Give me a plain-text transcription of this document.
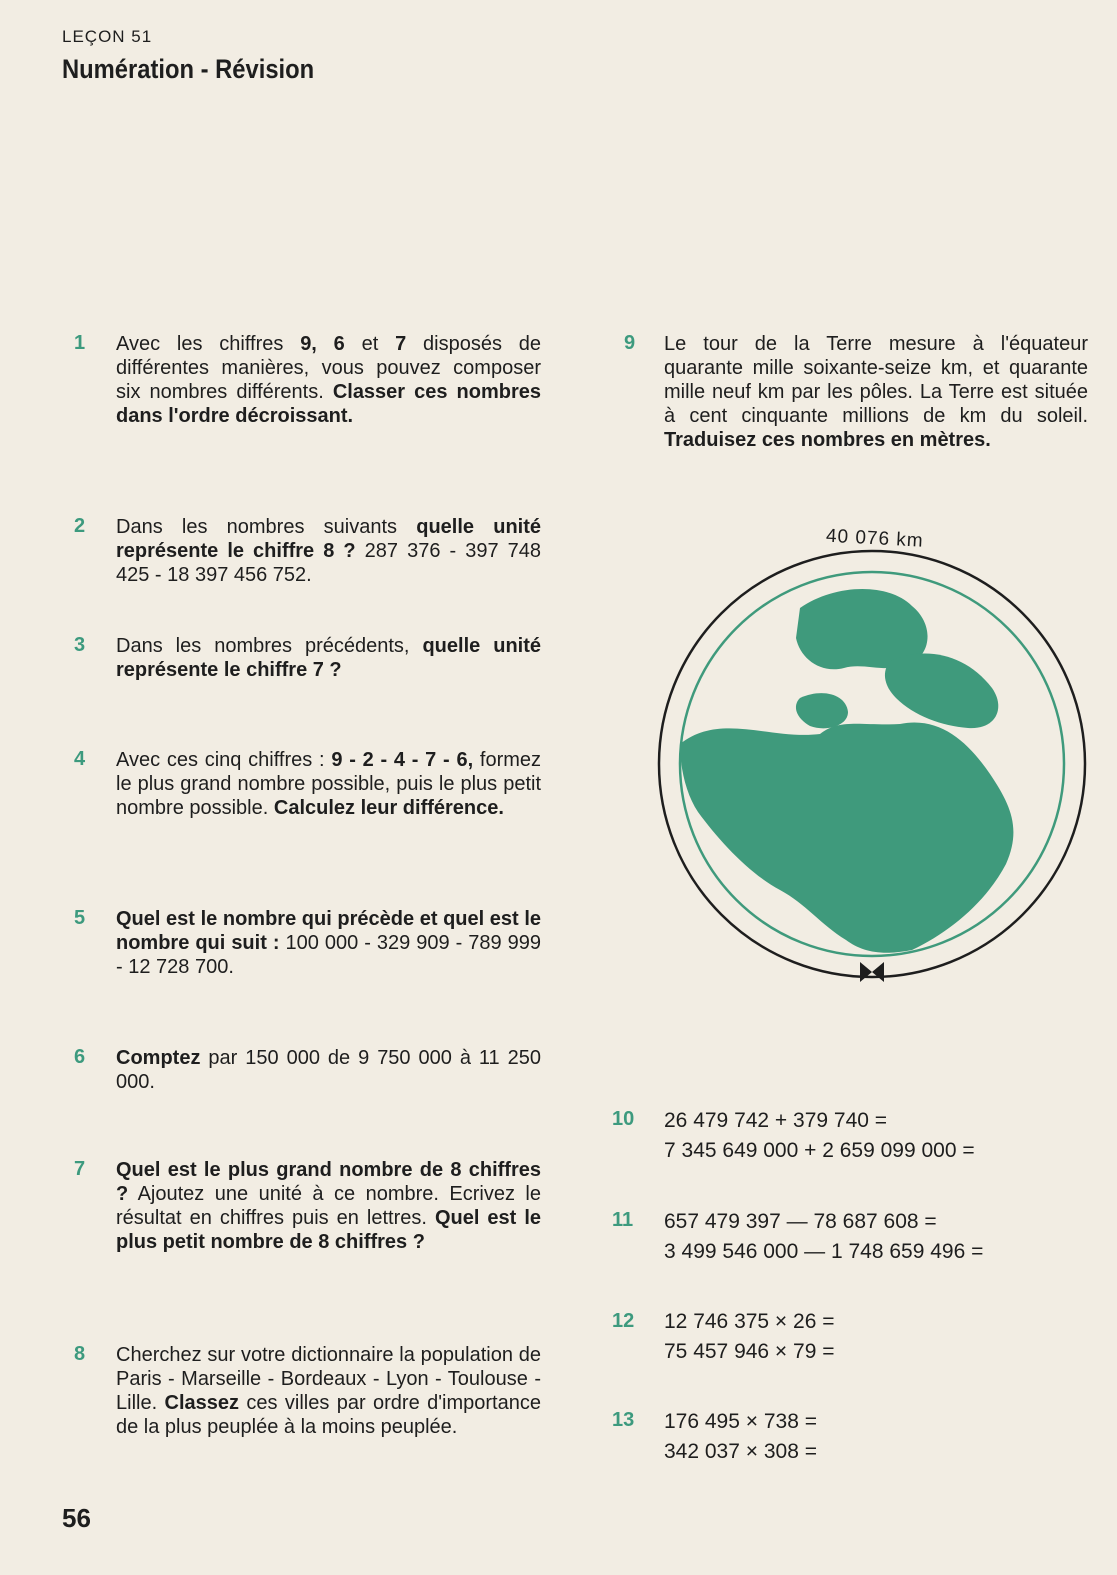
LEÇON 51
Numération - Révision
1 Avec les chiffres 9, 6 et 7 disposés de différentes manières, vous pouvez composer six nombres différents. Classer ces nombres dans l'ordre décroissant.

2 Dans les nombres suivants quelle unité représente le chiffre 8 ? 287 376 - 397 748 425 - 18 397 456 752.

3 Dans les nombres précédents, quelle unité représente le chiffre 7 ?

4 Avec ces cinq chiffres : 9 - 2 - 4 - 7 - 6, formez le plus grand nombre possible, puis le plus petit nombre possible. Calculez leur différence.

5 Quel est le nombre qui précède et quel est le nombre qui suit : 100 000 - 329 909 - 789 999 - 12 728 700.

6 Comptez par 150 000 de 9 750 000 à 11 250 000.

7 Quel est le plus grand nombre de 8 chiffres ? Ajoutez une unité à ce nombre. Ecrivez le résultat en chiffres puis en lettres. Quel est le plus petit nombre de 8 chiffres ?

8 Cherchez sur votre dictionnaire la population de Paris - Marseille - Bordeaux - Lyon - Toulouse - Lille. Classez ces villes par ordre d'importance de la plus peuplée à la moins peuplée.

9 Le tour de la Terre mesure à l'équateur quarante mille soixante-seize km, et quarante mille neuf km par les pôles. La Terre est située à cent cinquante millions de km du soleil. Traduisez ces nombres en mètres.

40 076 km
10 26 479 742 + 379 740 =
7 345 649 000 + 2 659 099 000 =
11 657 479 397 — 78 687 608 =
3 499 546 000 — 1 748 659 496 =
12 12 746 375 × 26 =
75 457 946 × 79 =
13 176 495 × 738 =
342 037 × 308 =
56
